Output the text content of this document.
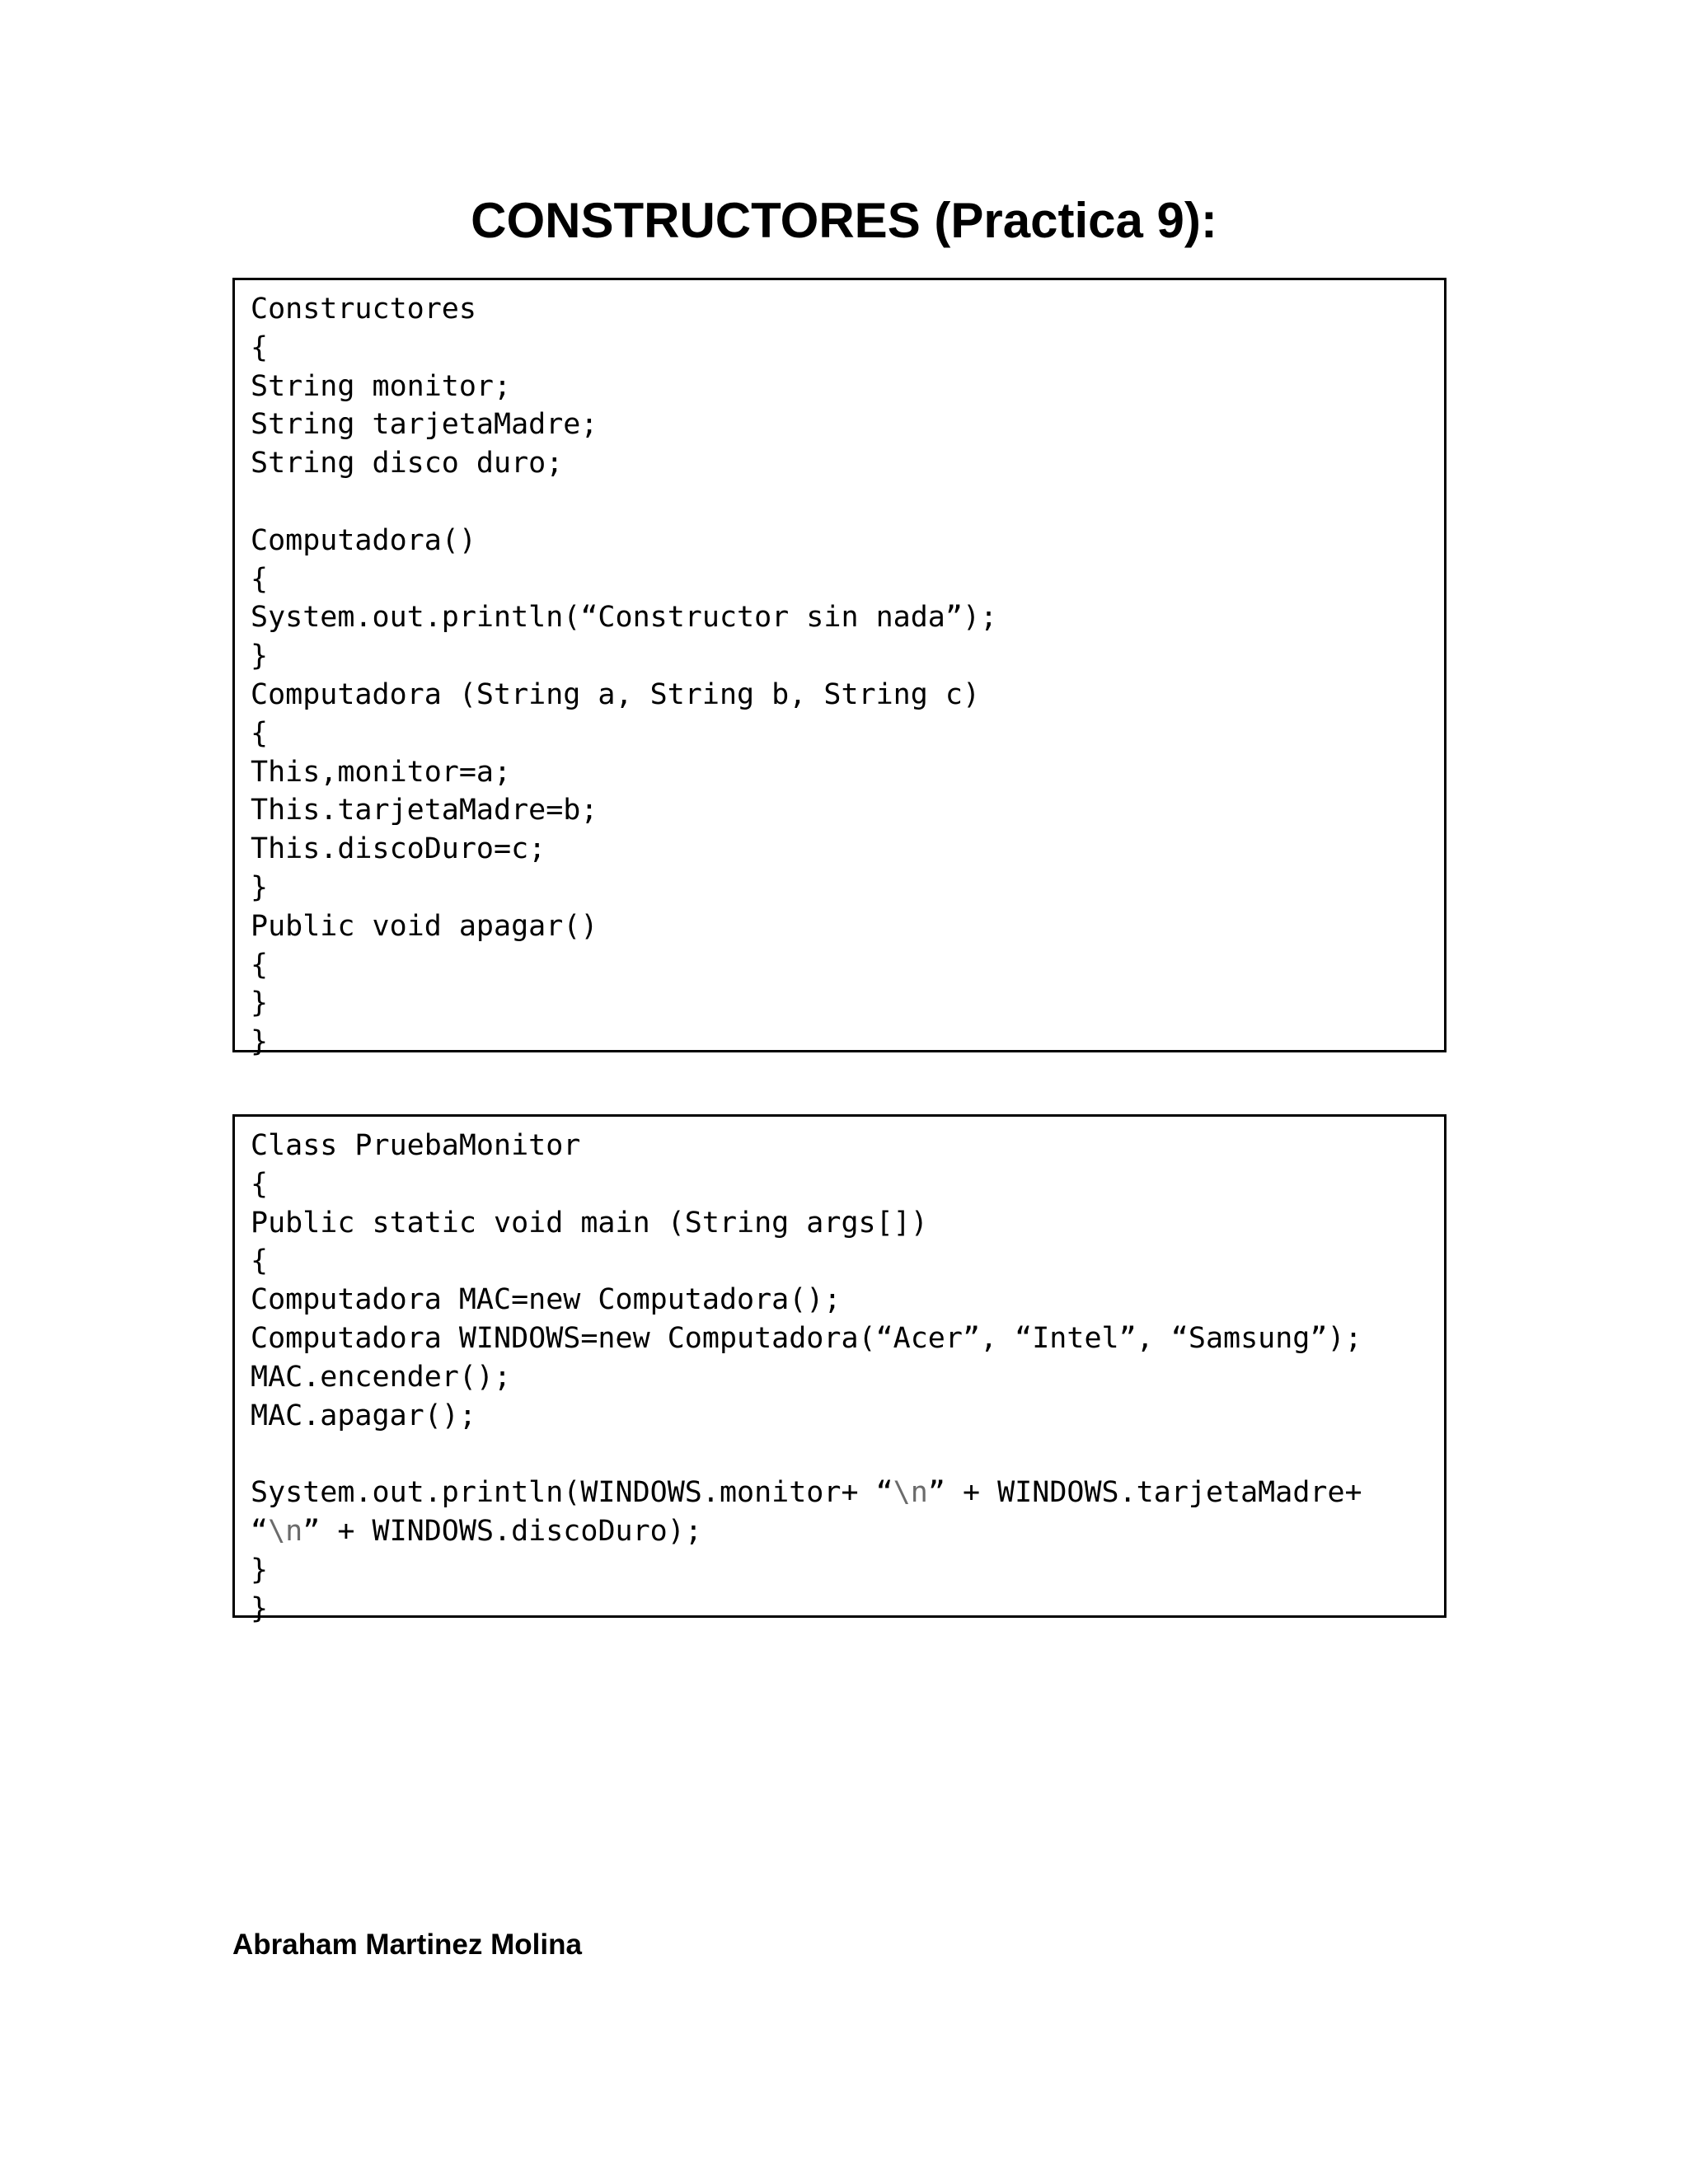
CONSTRUCTORES (Practica 9):
Constructores
{
String monitor;
String tarjetaMadre;
String disco duro;
Computadora()
{
System.out.println(“Constructor sin nada”);
}
Computadora (String a, String b, String c)
{
This,monitor=a;
This.tarjetaMadre=b;
This.discoDuro=c;
}
Public void apagar()
{
}
}
Class PruebaMonitor
{
Public static void main (String args[])
{
Computadora MAC=new Computadora();
Computadora WINDOWS=new Computadora(“Acer”, “Intel”, “Samsung”);
MAC.encender();
MAC.apagar();
System.out.println(WINDOWS.monitor+ “\n” + WINDOWS.tarjetaMadre+
“\n” + WINDOWS.discoDuro);
}
}
Abraham Martinez Molina
